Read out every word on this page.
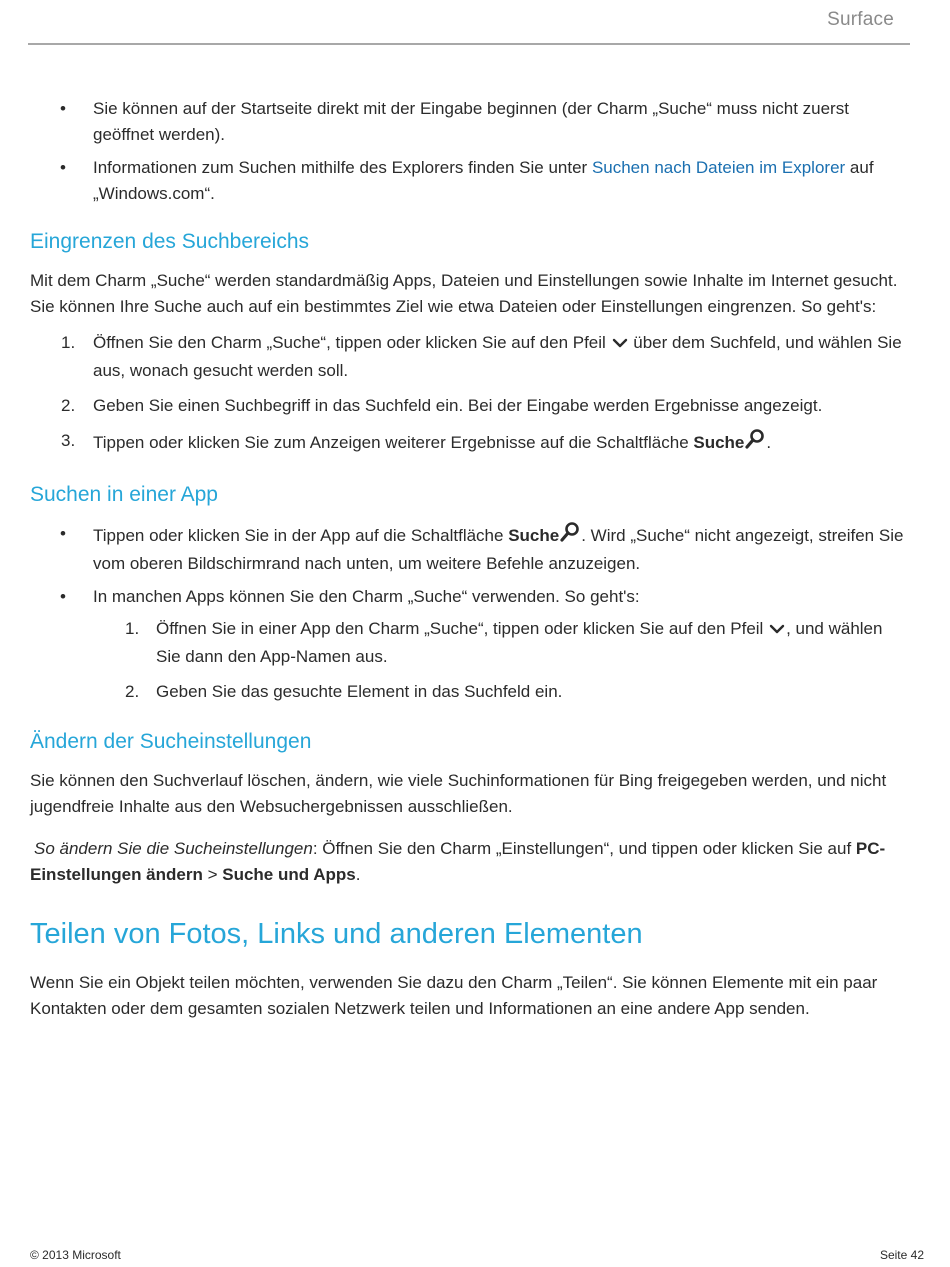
Surface
• Sie können auf der Startseite direkt mit der Eingabe beginnen (der Charm „Suche“ muss nicht zuerst geöffnet werden).
• Informationen zum Suchen mithilfe des Explorers finden Sie unter Suchen nach Dateien im Explorer auf „Windows.com“.
Eingrenzen des Suchbereichs

Mit dem Charm „Suche“ werden standardmäßig Apps, Dateien und Einstellungen sowie Inhalte im Internet gesucht. Sie können Ihre Suche auch auf ein bestimmtes Ziel wie etwa Dateien oder Einstellungen eingrenzen. So geht's:

1. Öffnen Sie den Charm „Suche“, tippen oder klicken Sie auf den Pfeil  über dem Suchfeld, und wählen Sie aus, wonach gesucht werden soll.
2. Geben Sie einen Suchbegriff in das Suchfeld ein. Bei der Eingabe werden Ergebnisse angezeigt.
3. Tippen oder klicken Sie zum Anzeigen weiterer Ergebnisse auf die Schaltfläche Suche .
Suchen in einer App
• Tippen oder klicken Sie in der App auf die Schaltfläche Suche . Wird „Suche“ nicht angezeigt, streifen Sie vom oberen Bildschirmrand nach unten, um weitere Befehle anzuzeigen.
• In manchen Apps können Sie den Charm „Suche“ verwenden. So geht's:
1. Öffnen Sie in einer App den Charm „Suche“, tippen oder klicken Sie auf den Pfeil , und wählen Sie dann den App-Namen aus.
2. Geben Sie das gesuchte Element in das Suchfeld ein.
Ändern der Sucheinstellungen

Sie können den Suchverlauf löschen, ändern, wie viele Suchinformationen für Bing freigegeben werden, und nicht jugendfreie Inhalte aus den Websuchergebnissen ausschließen.

So ändern Sie die Sucheinstellungen: Öffnen Sie den Charm „Einstellungen“, und tippen oder klicken Sie auf PC-Einstellungen ändern > Suche und Apps.

Teilen von Fotos, Links und anderen Elementen

Wenn Sie ein Objekt teilen möchten, verwenden Sie dazu den Charm „Teilen“. Sie können Elemente mit ein paar Kontakten oder dem gesamten sozialen Netzwerk teilen und Informationen an eine andere App senden.

© 2013 Microsoft	Seite 42
